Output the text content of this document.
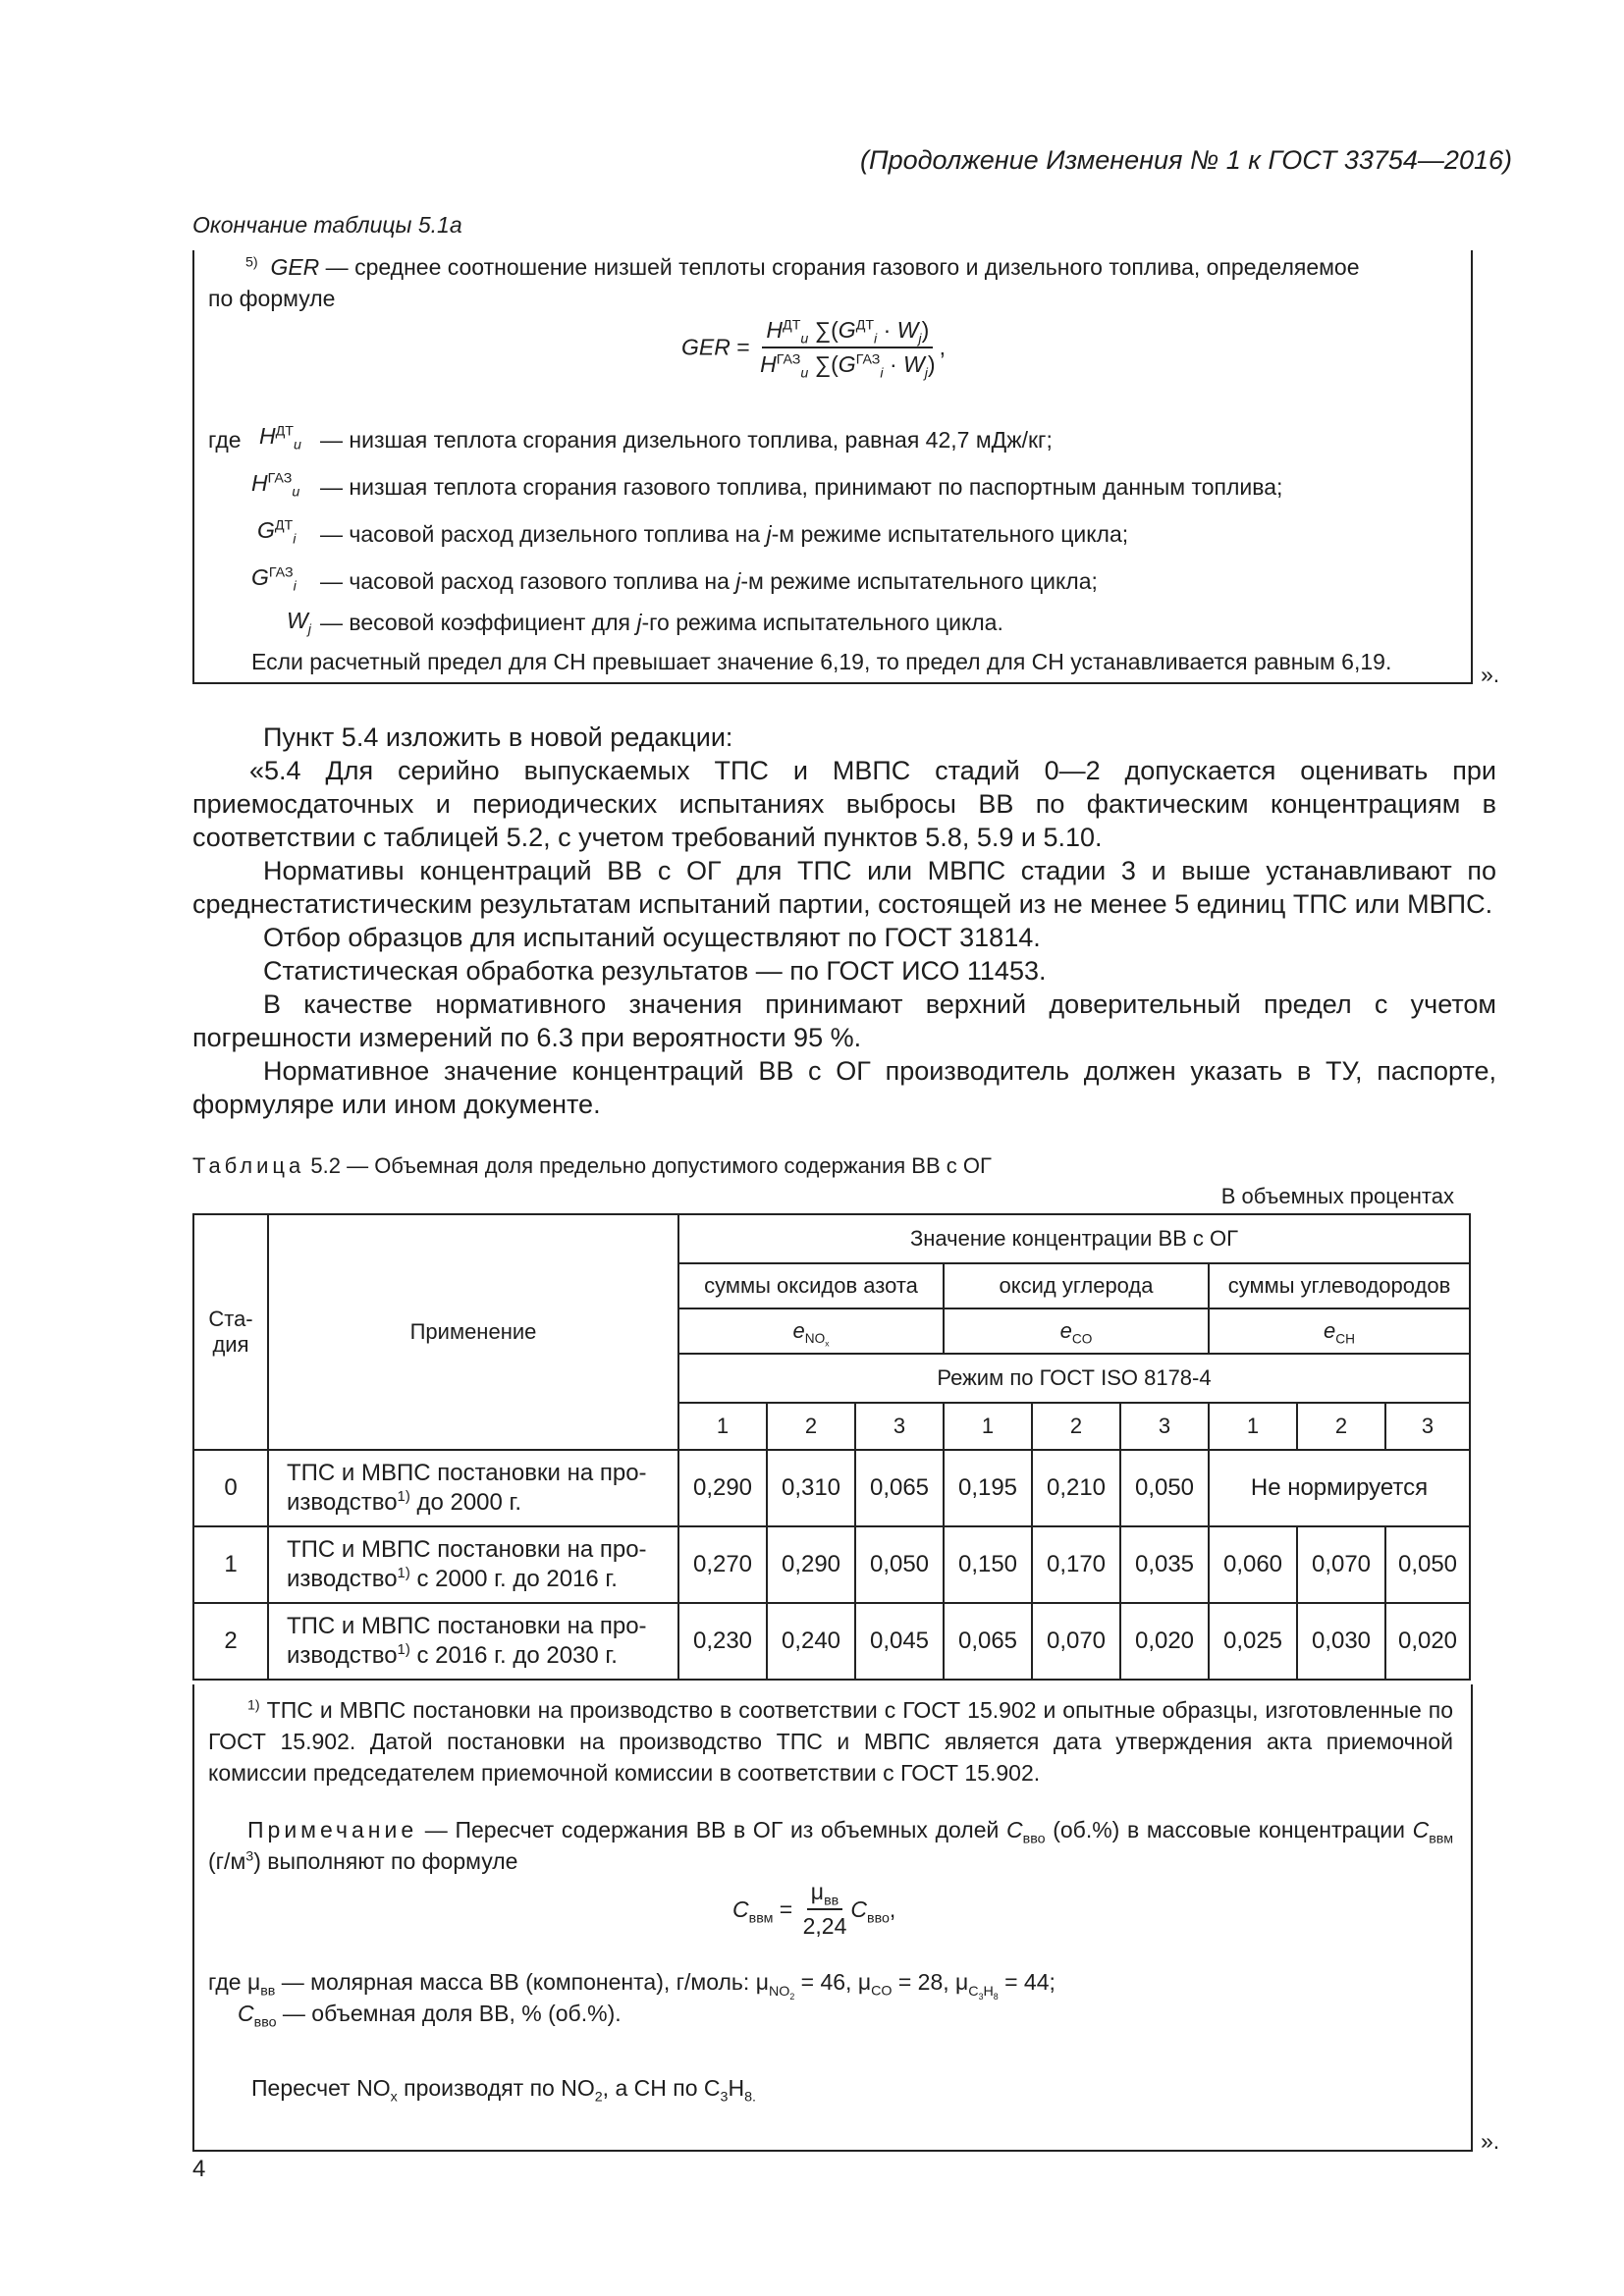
(Продолжение Изменения № 1 к ГОСТ 33754—2016)
Окончание таблицы 5.1а
$^{5)}$ GER — среднее соотношение низшей теплоты сгорания газового и дизельного топлива, определяемое
по формуле
GER = $\frac{H^{ДТ}_u \sum(G^{ДТ}_i \cdot W_j)}{H^{ГАЗ}_u \sum(G^{ГАЗ}_i \cdot W_j)}$ ,
где $H^{ДТ}_u$ — низшая теплота сгорания дизельного топлива, равная 42,7 мДж/кг;
$H^{ГАЗ}_u$ — низшая теплота сгорания газового топлива, принимают по паспортным данным топлива;
$G^{ДТ}_i$ — часовой расход дизельного топлива на j-м режиме испытательного цикла;
$G^{ГАЗ}_i$ — часовой расход газового топлива на j-м режиме испытательного цикла;
$W_j$ — весовой коэффициент для j-го режима испытательного цикла.
Если расчетный предел для СН превышает значение 6,19, то предел для СН устанавливается равным 6,19.	».
Пункт 5.4 изложить в новой редакции:
«5.4 Для серийно выпускаемых ТПС и МВПС стадий 0—2 допускается оценивать при приемосдаточных и периодических испытаниях выбросы ВВ по фактическим концентрациям в соответствии с таблицей 5.2, с учетом требований пунктов 5.8, 5.9 и 5.10.
Нормативы концентраций ВВ с ОГ для ТПС или МВПС стадии 3 и выше устанавливают по среднестатистическим результатам испытаний партии, состоящей из не менее 5 единиц ТПС или МВПС.
Отбор образцов для испытаний осуществляют по ГОСТ 31814.
Статистическая обработка результатов — по ГОСТ ИСО 11453.
В качестве нормативного значения принимают верхний доверительный предел с учетом погрешности измерений по 6.3 при вероятности 95 %.
Нормативное значение концентраций ВВ с ОГ производитель должен указать в ТУ, паспорте, формуляре или ином документе.
Таблица 5.2 — Объемная доля предельно допустимого содержания ВВ с ОГ
В объемных процентах
Ста-дия	Применение	Значение концентрации ВВ с ОГ								
		суммы оксидов азота			оксид углерода			суммы углеводородов		
		$e_{NO_x}$			$e_{CO}$			$e_{CH}$
		Режим по ГОСТ ISO 8178-4								
		1	2	3	1	2	3	1	2	3
0	ТПС и МВПС постановки на про-
изводство$^{1)}$ до 2000 г.	0,290	0,310	0,065	0,195	0,210	0,050	Не нормируется		
1	ТПС и МВПС постановки на про-
изводство$^{1)}$ с 2000 г. до 2016 г.	0,270	0,290	0,050	0,150	0,170	0,035	0,060	0,070	0,050
2	ТПС и МВПС постановки на про-
изводство$^{1)}$ с 2016 г. до 2030 г.	0,230	0,240	0,045	0,065	0,070	0,020	0,025	0,030	0,020
$^{1)}$ ТПС и МВПС постановки на производство в соответствии с ГОСТ 15.902 и опытные образцы, изготовленные по ГОСТ 15.902. Датой постановки на производство ТПС и МВПС является дата утверждения акта приемочной комиссии председателем приемочной комиссии в соответствии с ГОСТ 15.902.
Примечание — Пересчет содержания ВВ в ОГ из объемных долей $C_{вво}$ (об.%) в массовые концентрации $C_{ввм}$ $(г/м^3)$ выполняют по формуле
$C_{ввм} = \frac{\mu_{вв}}{2,24} C_{вво}$,
где $\mu_{вв}$ — молярная масса ВВ (компонента), г/моль: $\mu_{NO_2} = 46$, $\mu_{CO} = 28$, $\mu_{C_3H_8} = 44$;
$C_{вво}$ — объемная доля ВВ, % (об.%).
Пересчет $NO_x$ производят по $NO_2$, а СН по $C_3H_{8.}$
».
4
